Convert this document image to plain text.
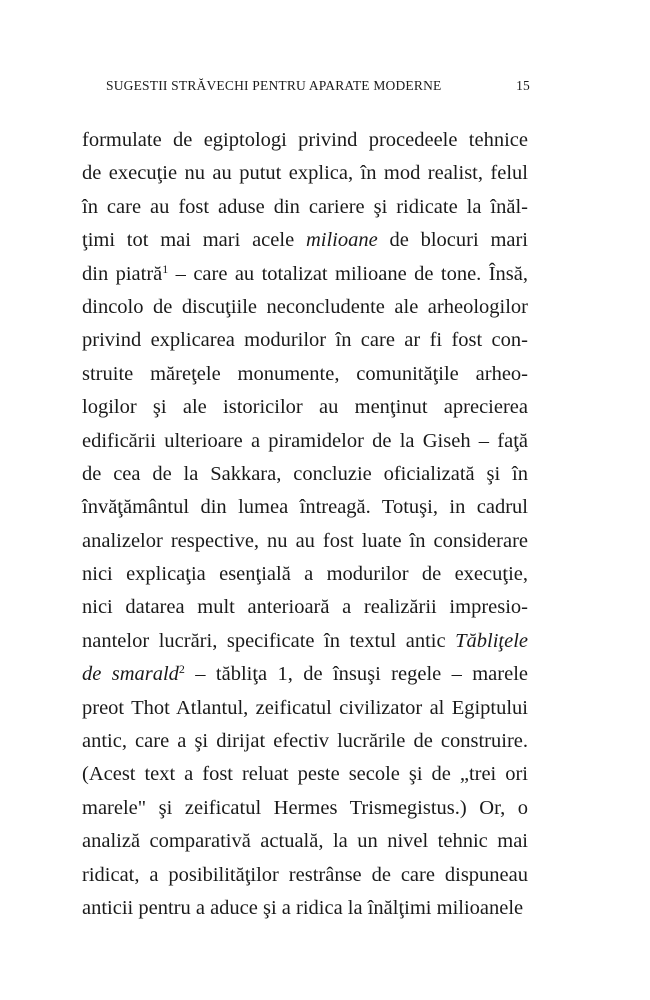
SUGESTII STRĂVECHI PENTRU APARATE MODERNE	15
formulate de egiptologi privind procedeele tehnice
de execuţie nu au putut explica, în mod realist, felul
în care au fost aduse din cariere şi ridicate la înăl-
ţimi tot mai mari acele milioane de blocuri mari
din piatră$^1$ – care au totalizat milioane de tone. Însă,
dincolo de discuţiile neconcludente ale arheologilor
privind explicarea modurilor în care ar fi fost con-
struite măreţele monumente, comunităţile arheo-
logilor şi ale istoricilor au menţinut aprecierea
edificării ulterioare a piramidelor de la Giseh – faţă
de cea de la Sakkara, concluzie oficializată şi în
învăţământul din lumea întreagă. Totuşi, in cadrul
analizelor respective, nu au fost luate în considerare
nici explicaţia esenţială a modurilor de execuţie,
nici datarea mult anterioară a realizării impresio-
nantelor lucrări, specificate în textul antic Tăbliţele
de smarald$^2$ – tăbliţa 1, de însuşi regele – marele
preot Thot Atlantul, zeificatul civilizator al Egiptului
antic, care a şi dirijat efectiv lucrările de construire.
(Acest text a fost reluat peste secole şi de „trei ori
marele" şi zeificatul Hermes Trismegistus.) Or, o
analiză comparativă actuală, la un nivel tehnic mai
ridicat, a posibilităţilor restrânse de care dispuneau
anticii pentru a aduce şi a ridica la înălţimi milioanele
